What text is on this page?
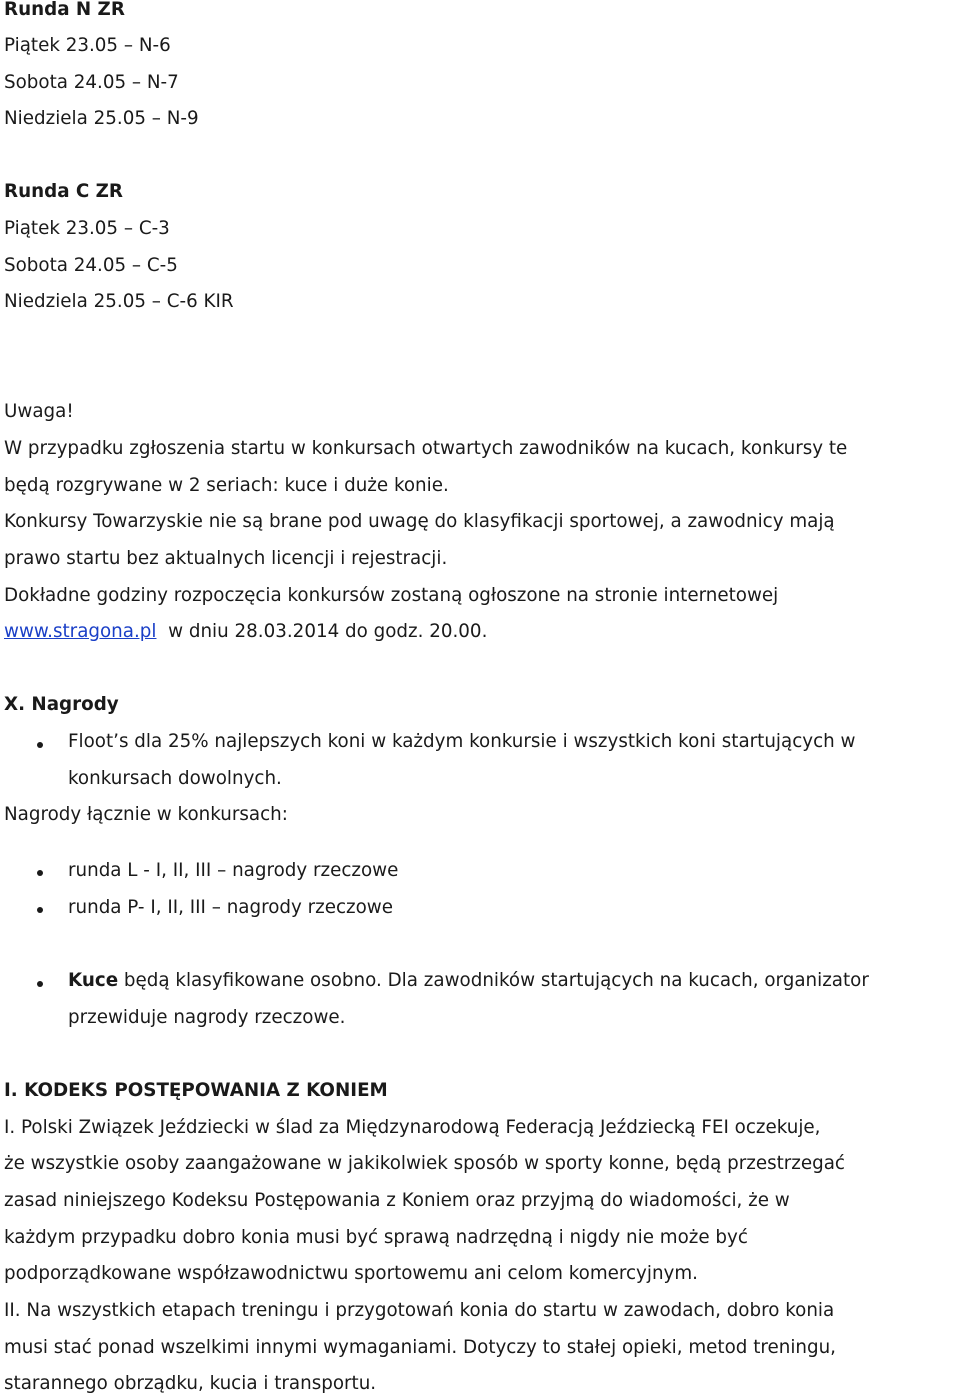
Runda N ZR
Piątek 23.05 – N-6
Sobota 24.05 – N-7
Niedziela 25.05 – N-9
Runda C ZR
Piątek 23.05 – C-3
Sobota 24.05 – C-5
Niedziela 25.05 – C-6 KIR
Uwaga!
W przypadku zgłoszenia startu w konkursach otwartych zawodników na kucach, konkursy te
będą rozgrywane w 2 seriach: kuce i duże konie.
Konkursy Towarzyskie nie są brane pod uwagę do klasyfikacji sportowej, a zawodnicy mają
prawo startu bez aktualnych licencji i rejestracji.
Dokładne godziny rozpoczęcia konkursów zostaną ogłoszone na stronie internetowej
www.stragona.pl  w dniu 28.03.2014 do godz. 20.00.
X. Nagrody
Floot’s dla 25% najlepszych koni w każdym konkursie i wszystkich koni startujących w
konkursach dowolnych.
Nagrody łącznie w konkursach:
runda L - I, II, III – nagrody rzeczowe
runda P- I, II, III – nagrody rzeczowe
Kuce będą klasyfikowane osobno. Dla zawodników startujących na kucach, organizator
przewiduje nagrody rzeczowe.
I. KODEKS POSTĘPOWANIA Z KONIEM
I. Polski Związek Jeździecki w ślad za Międzynarodową Federacją Jeździecką FEI oczekuje,
że wszystkie osoby zaangażowane w jakikolwiek sposób w sporty konne, będą przestrzegać
zasad niniejszego Kodeksu Postępowania z Koniem oraz przyjmą do wiadomości, że w
każdym przypadku dobro konia musi być sprawą nadrzędną i nigdy nie może być
podporządkowane współzawodnictwu sportowemu ani celom komercyjnym.
II. Na wszystkich etapach treningu i przygotowań konia do startu w zawodach, dobro konia
musi stać ponad wszelkimi innymi wymaganiami. Dotyczy to stałej opieki, metod treningu,
starannego obrządku, kucia i transportu.
